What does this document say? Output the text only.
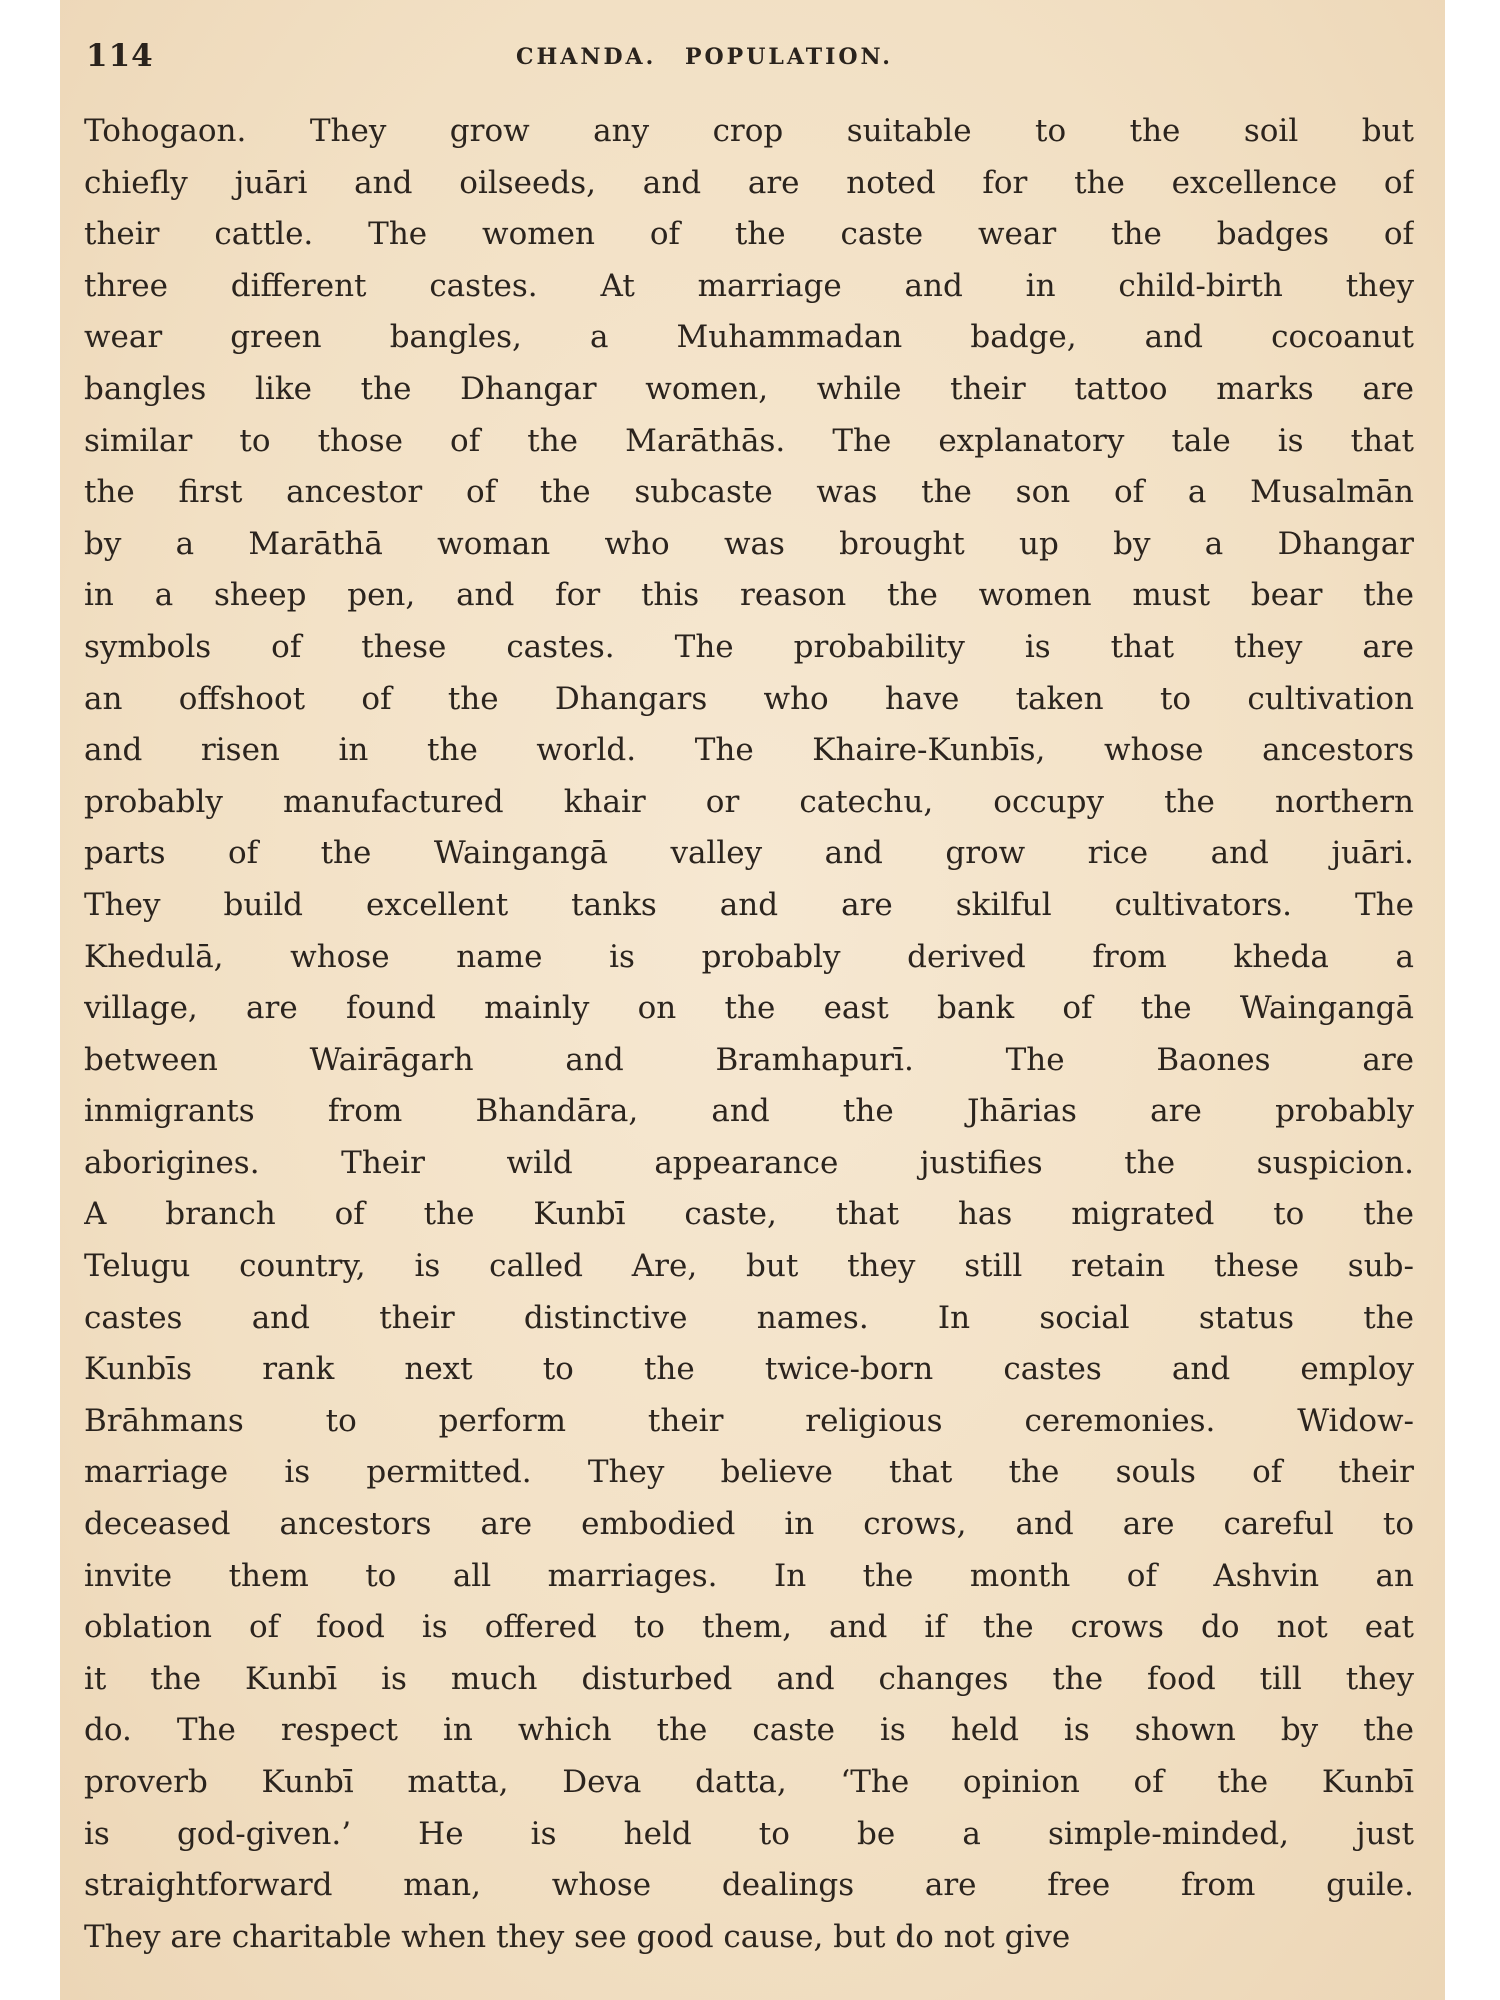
114	CHANDA. POPULATION.
Tohogaon. They grow any crop suitable to the soil but
chiefly juāri and oilseeds, and are noted for the excellence of
their cattle. The women of the caste wear the badges of
three different castes. At marriage and in child-birth they
wear green bangles, a Muhammadan badge, and cocoanut
bangles like the Dhangar women, while their tattoo marks are
similar to those of the Marāthās. The explanatory tale is that
the first ancestor of the subcaste was the son of a Musalmān
by a Marāthā woman who was brought up by a Dhangar
in a sheep pen, and for this reason the women must bear the
symbols of these castes. The probability is that they are
an offshoot of the Dhangars who have taken to cultivation
and risen in the world. The Khaire-Kunbīs, whose ancestors
probably manufactured khair or catechu, occupy the northern
parts of the Waingangā valley and grow rice and juāri.
They build excellent tanks and are skilful cultivators. The
Khedulā, whose name is probably derived from kheda a
village, are found mainly on the east bank of the Waingangā
between Wairāgarh and Bramhapurī. The Baones are
inmigrants from Bhandāra, and the Jhārias are probably
aborigines. Their wild appearance justifies the suspicion.
A branch of the Kunbī caste, that has migrated to the
Telugu country, is called Are, but they still retain these sub-
castes and their distinctive names. In social status the
Kunbīs rank next to the twice-born castes and employ
Brāhmans to perform their religious ceremonies. Widow-
marriage is permitted. They believe that the souls of their
deceased ancestors are embodied in crows, and are careful to
invite them to all marriages. In the month of Ashvin an
oblation of food is offered to them, and if the crows do not eat
it the Kunbī is much disturbed and changes the food till they
do. The respect in which the caste is held is shown by the
proverb Kunbī matta, Deva datta, ‘The opinion of the Kunbī
is god-given.’ He is held to be a simple-minded, just
straightforward man, whose dealings are free from guile.
They are charitable when they see good cause, but do not give
